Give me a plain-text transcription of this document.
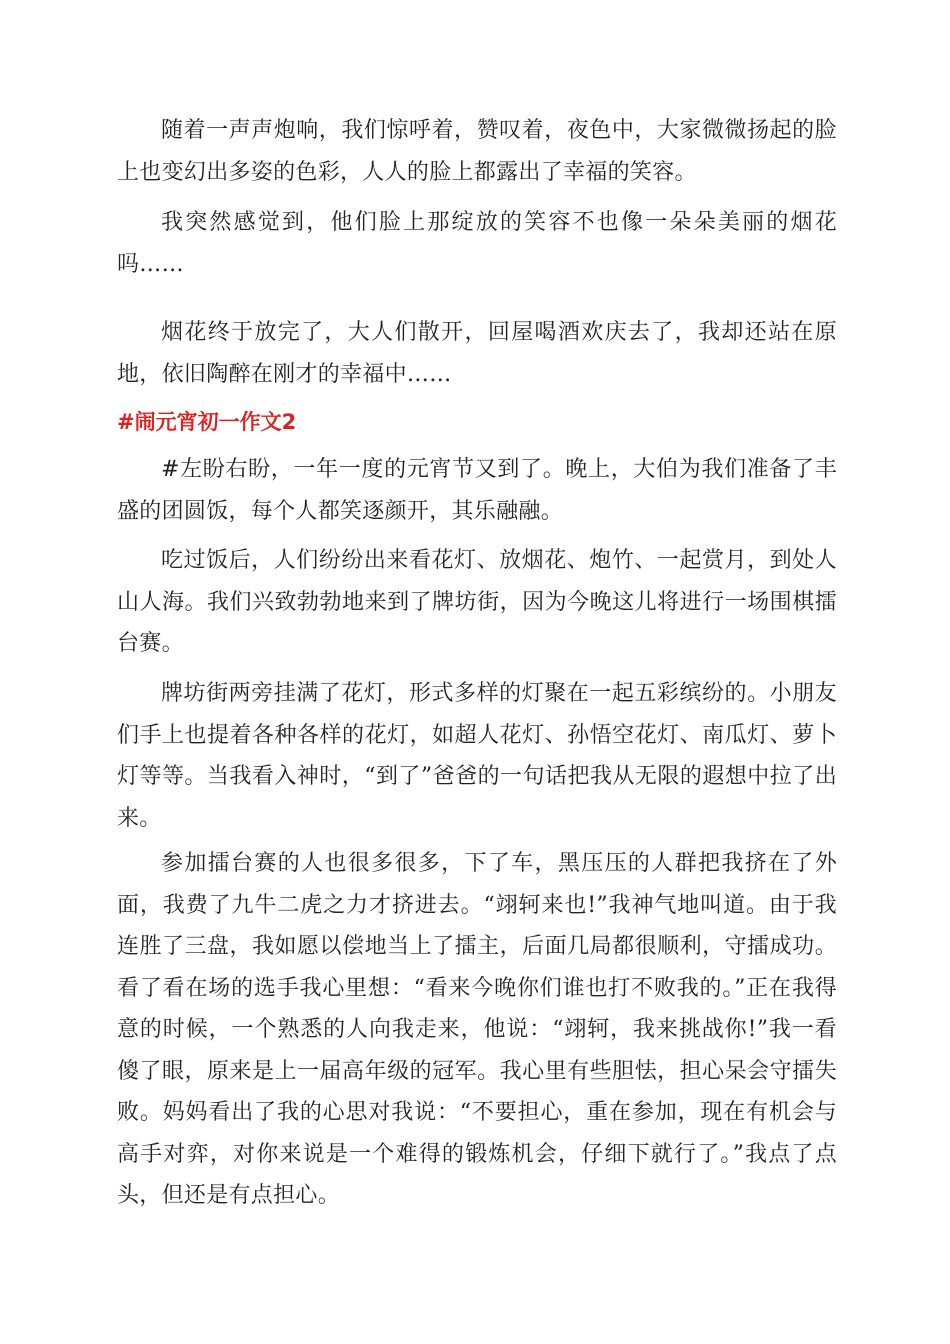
随着一声声炮响，我们惊呼着，赞叹着，夜色中，大家微微扬起的脸上也变幻出多姿的色彩，人人的脸上都露出了幸福的笑容。

我突然感觉到，他们脸上那绽放的笑容不也像一朵朵美丽的烟花吗……

烟花终于放完了，大人们散开，回屋喝酒欢庆去了，我却还站在原地，依旧陶醉在刚才的幸福中……

#闹元宵初一作文2

#左盼右盼，一年一度的元宵节又到了。晚上，大伯为我们准备了丰盛的团圆饭，每个人都笑逐颜开，其乐融融。

吃过饭后，人们纷纷出来看花灯、放烟花、炮竹、一起赏月，到处人山人海。我们兴致勃勃地来到了牌坊街，因为今晚这儿将进行一场围棋擂台赛。

牌坊街两旁挂满了花灯，形式多样的灯聚在一起五彩缤纷的。小朋友们手上也提着各种各样的花灯，如超人花灯、孙悟空花灯、南瓜灯、萝卜灯等等。当我看入神时，“到了”爸爸的一句话把我从无限的遐想中拉了出来。

参加擂台赛的人也很多很多，下了车，黑压压的人群把我挤在了外面，我费了九牛二虎之力才挤进去。“翊轲来也!”我神气地叫道。由于我连胜了三盘，我如愿以偿地当上了擂主，后面几局都很顺利，守擂成功。看了看在场的选手我心里想：“看来今晚你们谁也打不败我的。”正在我得意的时候，一个熟悉的人向我走来，他说：“翊轲，我来挑战你!”我一看傻了眼，原来是上一届高年级的冠军。我心里有些胆怯，担心呆会守擂失败。妈妈看出了我的心思对我说：“不要担心，重在参加，现在有机会与高手对弈，对你来说是一个难得的锻炼机会，仔细下就行了。”我点了点头，但还是有点担心。
